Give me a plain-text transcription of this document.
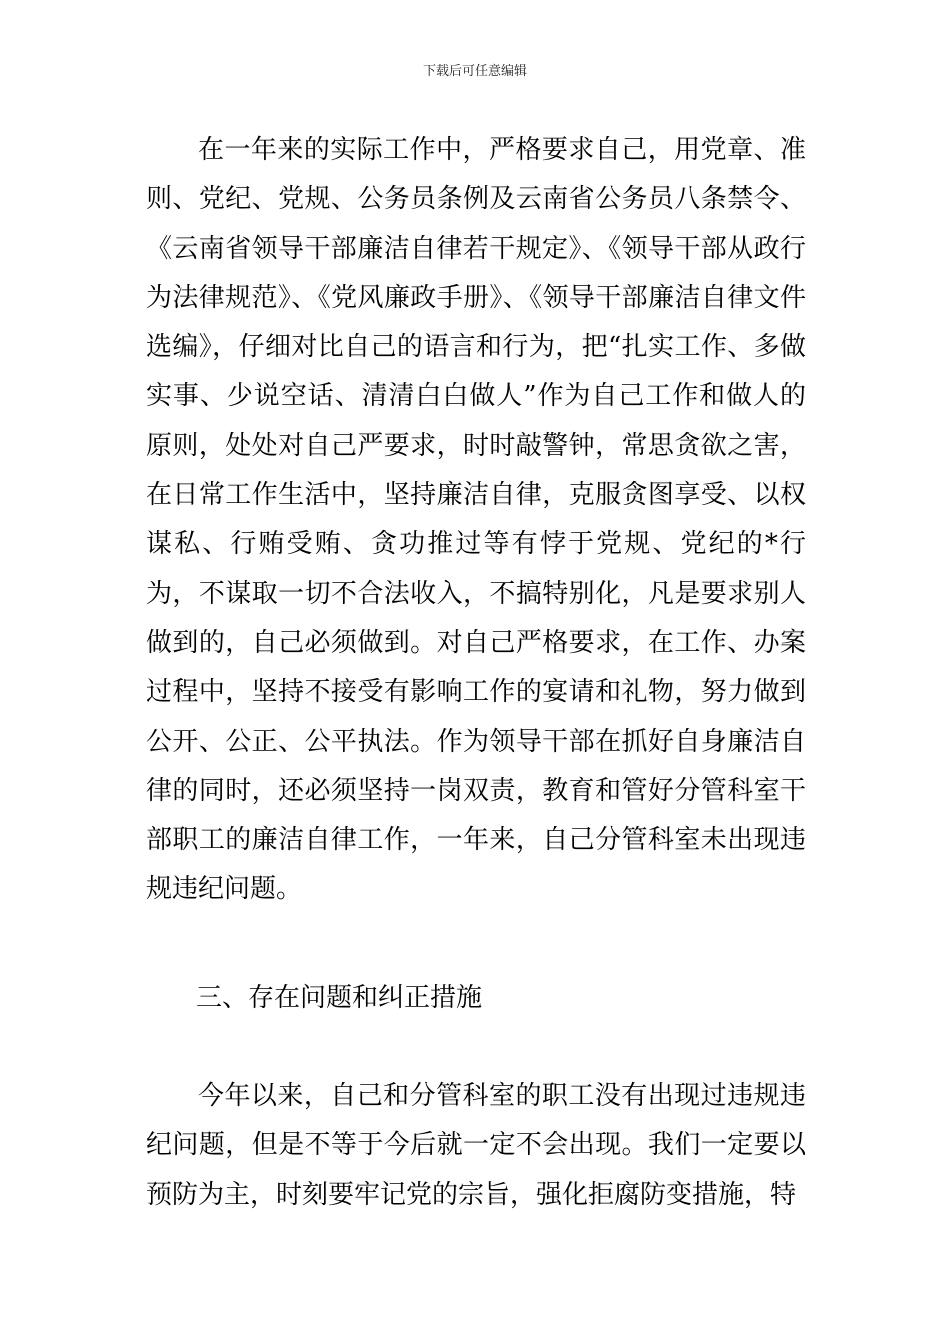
下载后可任意编辑

在一年来的实际工作中，严格要求自己，用党章、准则、党纪、党规、公务员条例及云南省公务员八条禁令、《云南省领导干部廉洁自律若干规定》、《领导干部从政行为法律规范》、《党风廉政手册》、《领导干部廉洁自律文件选编》，仔细对比自己的语言和行为，把“扎实工作、多做实事、少说空话、清清白白做人”作为自己工作和做人的原则，处处对自己严要求，时时敲警钟，常思贪欲之害，在日常工作生活中，坚持廉洁自律，克服贪图享受、以权谋私、行贿受贿、贪功推过等有悖于党规、党纪的*行为，不谋取一切不合法收入，不搞特别化，凡是要求别人做到的，自己必须做到。对自己严格要求，在工作、办案过程中，坚持不接受有影响工作的宴请和礼物，努力做到公开、公正、公平执法。作为领导干部在抓好自身廉洁自律的同时，还必须坚持一岗双责，教育和管好分管科室干部职工的廉洁自律工作，一年来，自己分管科室未出现违规违纪问题。

三、存在问题和纠正措施

今年以来，自己和分管科室的职工没有出现过违规违纪问题，但是不等于今后就一定不会出现。我们一定要以预防为主，时刻要牢记党的宗旨，强化拒腐防变措施，特
